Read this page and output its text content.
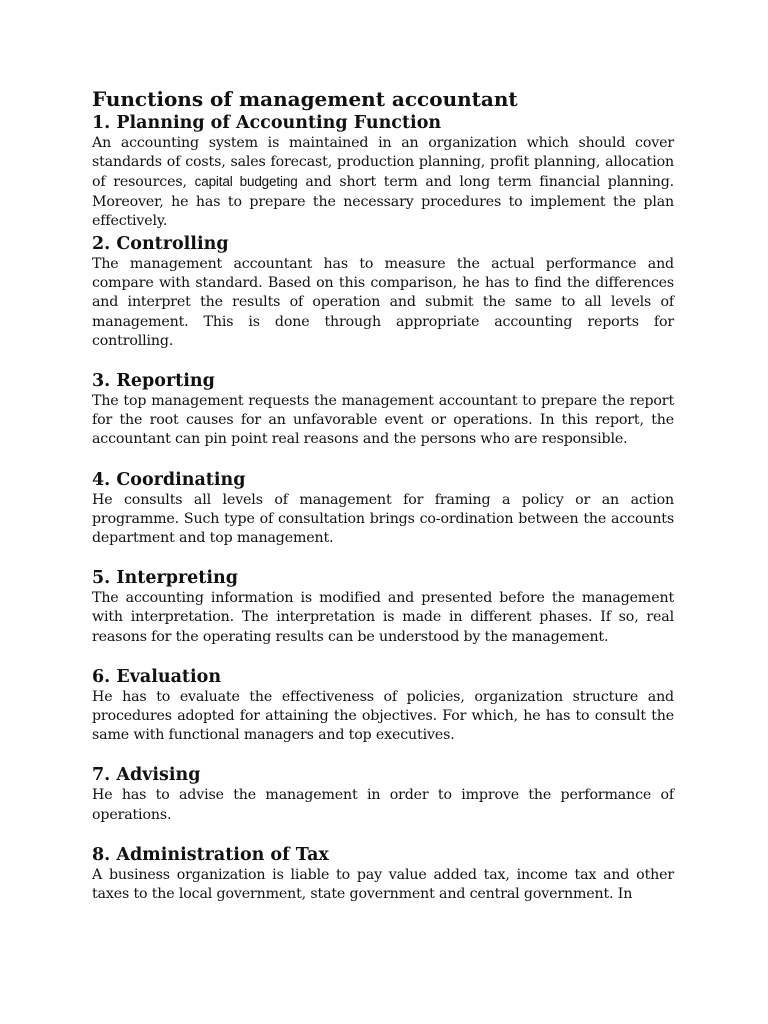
Functions of management accountant
1. Planning of Accounting Function

An accounting system is maintained in an organization which should cover standards of costs, sales forecast, production planning, profit planning, allocation of resources, capital budgeting and short term and long term financial planning. Moreover, he has to prepare the necessary procedures to implement the plan effectively.

2. Controlling

The management accountant has to measure the actual performance and compare with standard. Based on this comparison, he has to find the differences and interpret the results of operation and submit the same to all levels of management. This is done through appropriate accounting reports for controlling.

3. Reporting

The top management requests the management accountant to prepare the report for the root causes for an unfavorable event or operations. In this report, the accountant can pin point real reasons and the persons who are responsible.

4. Coordinating

He consults all levels of management for framing a policy or an action programme. Such type of consultation brings co-ordination between the accounts department and top management.

5. Interpreting

The accounting information is modified and presented before the management with interpretation. The interpretation is made in different phases. If so, real reasons for the operating results can be understood by the management.

6. Evaluation

He has to evaluate the effectiveness of policies, organization structure and procedures adopted for attaining the objectives. For which, he has to consult the same with functional managers and top executives.

7. Advising

He has to advise the management in order to improve the performance of operations.

8. Administration of Tax

A business organization is liable to pay value added tax, income tax and other taxes to the local government, state government and central government. In
